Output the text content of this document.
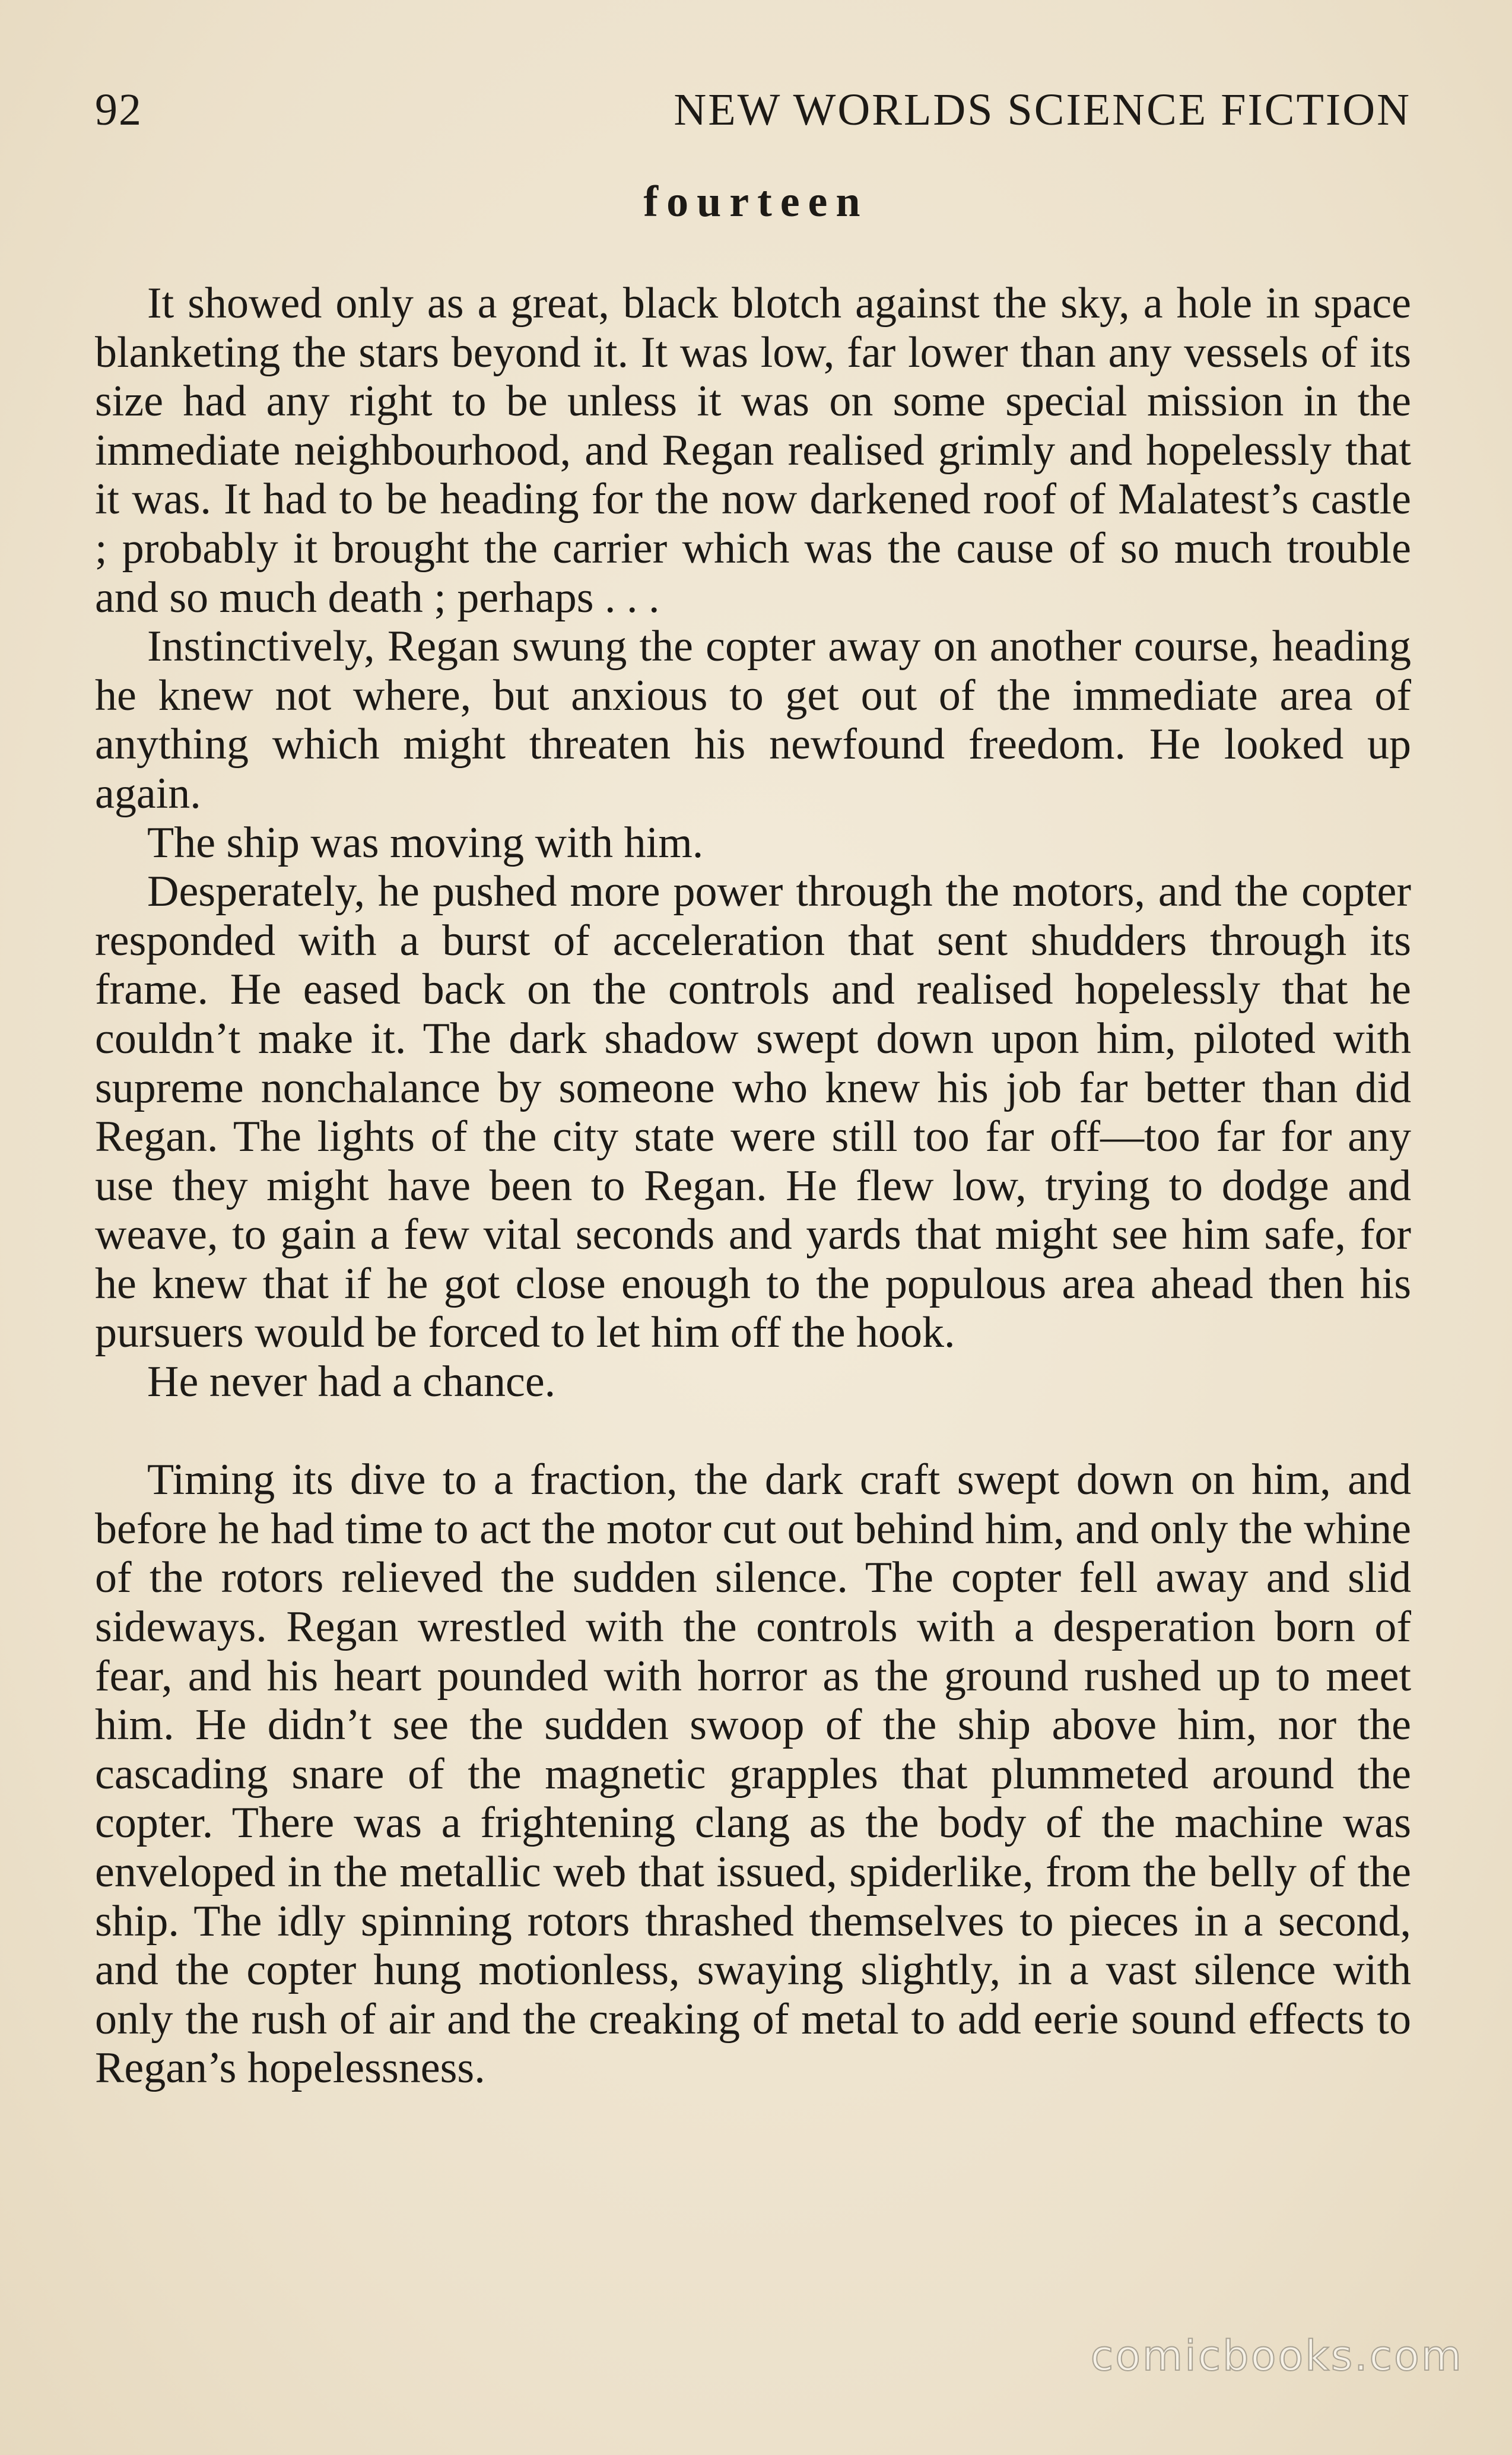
92	NEW WORLDS SCIENCE FICTION
fourteen

It showed only as a great, black blotch against the sky, a hole in space blanketing the stars beyond it. It was low, far lower than any vessels of its size had any right to be unless it was on some special mission in the immediate neighbourhood, and Regan realised grimly and hopelessly that it was. It had to be heading for the now darkened roof of Malatest’s castle ; probably it brought the carrier which was the cause of so much trouble and so much death ; perhaps . . .

Instinctively, Regan swung the copter away on another course, heading he knew not where, but anxious to get out of the immediate area of anything which might threaten his newfound freedom. He looked up again.

The ship was moving with him.

Desperately, he pushed more power through the motors, and the copter responded with a burst of acceleration that sent shudders through its frame. He eased back on the controls and realised hopelessly that he couldn’t make it. The dark shadow swept down upon him, piloted with supreme nonchalance by someone who knew his job far better than did Regan. The lights of the city state were still too far off—too far for any use they might have been to Regan. He flew low, trying to dodge and weave, to gain a few vital seconds and yards that might see him safe, for he knew that if he got close enough to the populous area ahead then his pursuers would be forced to let him off the hook.

He never had a chance.

Timing its dive to a fraction, the dark craft swept down on him, and before he had time to act the motor cut out behind him, and only the whine of the rotors relieved the sudden silence. The copter fell away and slid sideways. Regan wrestled with the controls with a desperation born of fear, and his heart pounded with horror as the ground rushed up to meet him. He didn’t see the sudden swoop of the ship above him, nor the cascading snare of the magnetic grapples that plummeted around the copter. There was a frightening clang as the body of the machine was enveloped in the metallic web that issued, spiderlike, from the belly of the ship. The idly spinning rotors thrashed themselves to pieces in a second, and the copter hung motionless, swaying slightly, in a vast silence with only the rush of air and the creaking of metal to add eerie sound effects to Regan’s hopelessness.

comicbooks.com
